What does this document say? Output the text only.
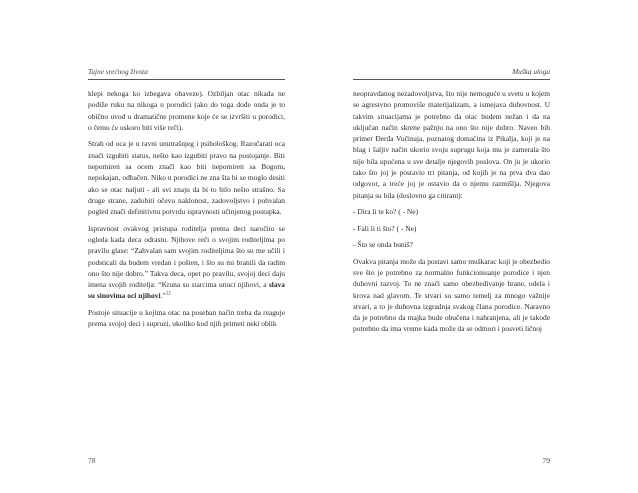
Tajne srećnog života

klepi nekoga ko izbegava obaveze). Ozbiljan otac nikada ne podiže ruku na nikoga u porodici (ako do toga dođe onda je to obično uvod u dramatične promene koje će se izvršiti u porodici, o čemu će uskoro biti više reči).

Strah od oca je u ravni unutrašnjeg i psihološkog. Razočarati oca znači izgubiti status, nešto kao izgubiti pravo na postojanje. Biti nepomiren sa ocem znači kao biti nepomiren sa Bogom, nepokajan, odbačen. Niko u porodici ne zna šta bi se moglo desiti ako se otac naljuti - ali svi znaju da bi to bilo nešto strašno. Sa druge strane, zadobiti očevu naklonost, zadovoljstvo i pohvalan pogled znači definitivnu potvrdu ispravnosti učinjenog postupka.

Ispravnost ovakvog pristupa roditelja prema deci naročito se ogleda kada deca odrastu. Njihove reči o svojim roditeljima po pravilu glase: “Zahvalan sam svojim roditeljima što su me učili i podsticali da budem vredan i pošten, i što su mi branili da radim ono što nije dobro.” Takva deca, opet po pravilu, svojoj deci daju imena svojih roditelja: “Kruna su starcima unuci njihovi, a slava su sinovima oci njihovi.”$^{12}$

Postoje situacije u kojima otac na poseban način treba da reaguje prema svojoj deci i supruzi, ukoliko kod njih primeti neki oblik

78
Muška uloga

neopravdanog nezadovoljstva, što nije nemoguće u svetu u kojem se agresivno promoviše materijalizam, a ismejava duhovnost. U takvim situacijama je potrebno da otac budem nežan i da na uključan način skrene pažnju na ono što nije dobro. Naveo bih primer Đerđa Vučinaja, poznatog domaćina iz Pikalja, koji je na blag i šaljiv način ukorio svoju suprugu koja mu je zamerala što nije bila upućena u sve detalje njegovih poslova. On ju je ukorio tako što joj je postavio tri pitanja, od kojih je na prva dva dao odgovor, a treće joj je ostavio da o njemu razmišlja. Njegova pitanja su bila (doslovno ga citiram):

- Dira li te ko? ( - Ne)

- Fali li ti što? ( - Ne)

- Što se onda buniš?

Ovakva pitanja može da postavi samo muškarac koji je obezbedio sve što je potrebno za normalno funkcionisanje porodice i njen duhovni razvoj. To ne znači samo obezbeđivanje hrane, odela i krova nad glavom. Te stvari su samo temelj za mnogo važnije stvari, a to je duhovna izgradnja svakog člana porodice. Naravno da je potrebno da majka bude obučena i nahranjena, ali je takođe potrebno da ima vreme kada može da se odmori i posveti ličnoj

79
